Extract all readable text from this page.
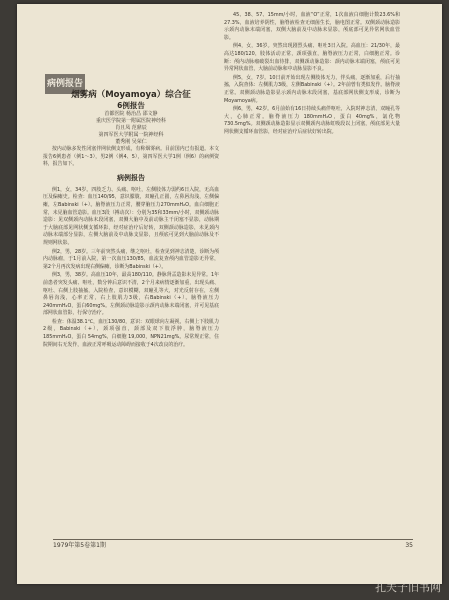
病例报告
烟雾病（Moyamoya）综合征
6例报告
首都医院 杨治昌 邵文静
重庆医学院第一附属医院神经科
肖且凤 范鼎辰
第四军医大学附属一院神经科
董秀刚 吴荣仁

按内动脉多发性闭塞伴网状侧支形成，有称烟雾病。目前国内已有报道。本文报告6例患者（例1～3），男2例（例4、5），第四军医大学1例（例6）的病例资料，报告如下。

病例报告

例1，女，34岁。四肢乏力、头痛、呕吐，左侧肢体力弱约6日入院，无高血压及偏瘫史。检查：血压140/95，意识朦胧，双瞳孔正圆，左鼻唇沟浅，左侧偏瘫，左Babinski（+）。脑脊液压力正常，腰穿脑压力270mmH₂O。血白细胞正常，未见脑血管造影。血压3段（搏动次）：分别为35和33mm/小时，双侧颈动脉造影：见双侧颈内动脉末段闭塞，双侧大脑中及前动脉主干闭塞不显影，动脉期于大脑底部见网状侧支循环影，经对症治疗后好转，双侧颈动脉造影，未见颈内动脉末端部分显影，左侧大脑前及中动脉支显影，且颅底可见到大脑前动脉及不规则网状影。

例2，男，28岁。三年前突然头痛，继之呕吐，检查见到神志清楚，诊断为颅内动脉瘤，于1月前入院，第一次血压130/85，血流复查颅内血管造影无异常，第2个月再次发病出现右侧偏瘫，诊断为Babinski（+）。

例3，男，38岁。高血压10年，最高180/110。静脉肾盂造影未见异常。1年前患者突发头痛、呕吐，数分钟后意识不清，2个月来病情逐渐加重，出现头痛、呕吐、右侧上肢抽搐，入院检查，意识模糊，双瞳孔等大，对光反射存在，左侧鼻唇沟浅，心率正常，右上肢肌力3级，右Babinski（+）。脑脊液压力240mmH₂O，蛋白60mg%。左侧颈动脉造影示颈内动脉末端闭塞，并可见基底部网状血管影，行保守治疗。

检查：体温38.1℃，血压130/80，意识：双眼球向左凝视，右侧上下肢肌力2级，Babinski（+），颈项强直，颈部及双下肢浮肿，脑脊液压力 185mmH₂O，蛋白 54mg%，白细胞 19,000，NPN21mg%。尿常规正常，住院期间右无发作，血液正常呼吸运动障碍而接收于4次改良的治疗。

45、38、57、15mm/小时，血液“O”正常，1次血液白细胞计数23.6%和27.3%，血液培养阴性，脑脊液检查无细菌生长，脑电图正常。双侧颈动脉造影示颈内动脉末端闭塞，双侧大脑前及中动脉未显影，颅底部可见异常网状血管影。

例4，女，36岁。突然出现剧烈头痛、呕吐3日入院。高血压：21/30年，最高达180/120，肢体活动正常，颈项强直，脑脊液压力正常，白细胞正常。诊断：颅内动脉瘤破裂出血待排，双侧颈动脉造影：颈内动脉末端闭塞，颅底可见异常网状血管，大脑前动脉和中动脉显影不良。

例5，女，7岁。10日前开始出现左侧肢体无力，伴头痛，逐渐加重，后行抽搐，入院查体：左侧肌力3级，左侧Babinski（+）。2年前曾有类似发作。脑脊液正常。双侧颈动脉造影显示颈内动脉末段闭塞，基底部网状侧支形成，诊断为Moyamoya病。

例6，男，42岁。6月前始有16日持续头痛伴呕吐，入院时神志清，双瞳孔等大，心肺正常。脑脊液压力 180mmH₂O，蛋白 40mg%，氯化物 730.5mg%。双侧颈动脉造影显示双侧颈内动脉虹吸段以上闭塞，颅底部见大量网状侧支循环血管影，经对症治疗后症状好转出院。

1979年第5卷第1期	35
孔夫子旧书网
